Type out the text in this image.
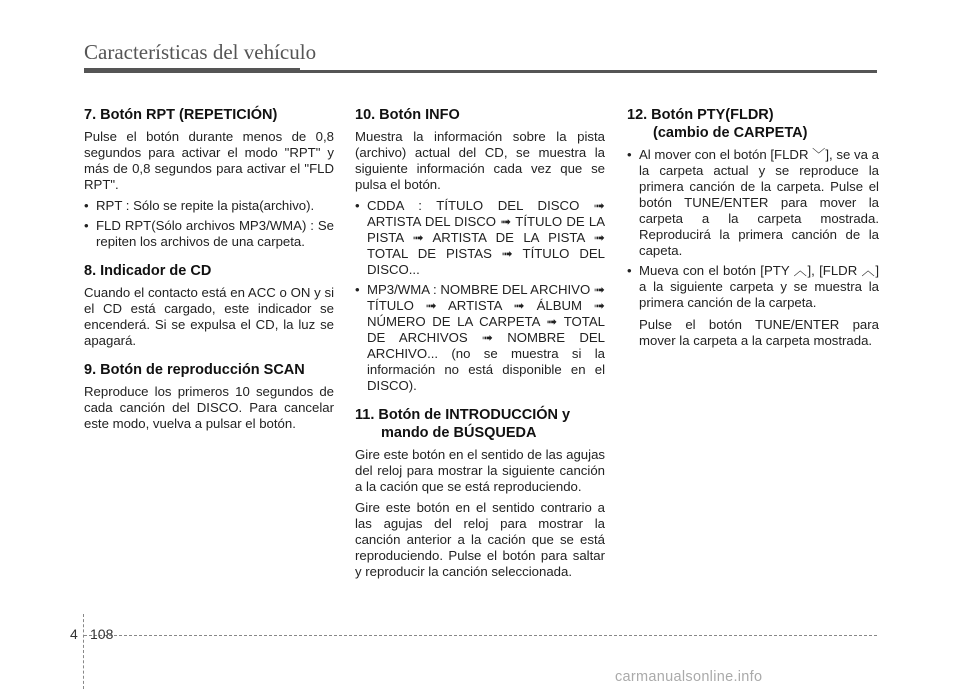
Características del vehículo
7. Botón RPT (REPETICIÓN)

Pulse el botón durante menos de 0,8 segundos para activar el modo "RPT" y más de 0,8 segundos para activar el "FLD RPT".

• RPT : Sólo se repite la pista(archivo).
• FLD RPT(Sólo archivos MP3/WMA) : Se repiten los archivos de una carpeta.
8. Indicador de CD

Cuando el contacto está en ACC o ON y si el CD está cargado, este indicador se encenderá. Si se expulsa el CD, la luz se apagará.

9. Botón de reproducción SCAN

Reproduce los primeros 10 segundos de cada canción del DISCO. Para cancelar este modo, vuelva a pulsar el botón.

10. Botón INFO

Muestra la información sobre la pista (archivo) actual del CD, se muestra la siguiente información cada vez que se pulsa el botón.

• CDDA : TÍTULO DEL DISCO ➟ ARTISTA DEL DISCO ➟ TÍTULO DE LA PISTA ➟ ARTISTA DE LA PISTA ➟ TOTAL DE PISTAS ➟ TÍTULO DEL DISCO...
• MP3/WMA : NOMBRE DEL ARCHIVO ➟ TÍTULO ➟ ARTISTA ➟ ÁLBUM ➟ NÚMERO DE LA CARPETA ➟ TOTAL DE ARCHIVOS ➟ NOMBRE DEL ARCHIVO... (no se muestra si la información no está disponible en el DISCO).
11. Botón de INTRODUCCIÓN y
mando de BÚSQUEDA

Gire este botón en el sentido de las agujas del reloj para mostrar la siguiente canción a la cación que se está reproduciendo.

Gire este botón en el sentido contrario a las agujas del reloj para mostrar la canción anterior a la cación que se está reproduciendo. Pulse el botón para saltar y reproducir la canción seleccionada.

12. Botón PTY(FLDR)
(cambio de CARPETA)
• Al mover con el botón [FLDR ﹀], se va a la carpeta actual y se reproduce la primera canción de la carpeta. Pulse el botón TUNE/ENTER para mover la carpeta a la carpeta mostrada. Reproducirá la primera canción de la capeta.
• Mueva con el botón [PTY ︿], [FLDR ︿] a la siguiente carpeta y se muestra la primera canción de la carpeta.

Pulse el botón TUNE/ENTER para mover la carpeta a la carpeta mostrada.

4 108
carmanualsonline.info
